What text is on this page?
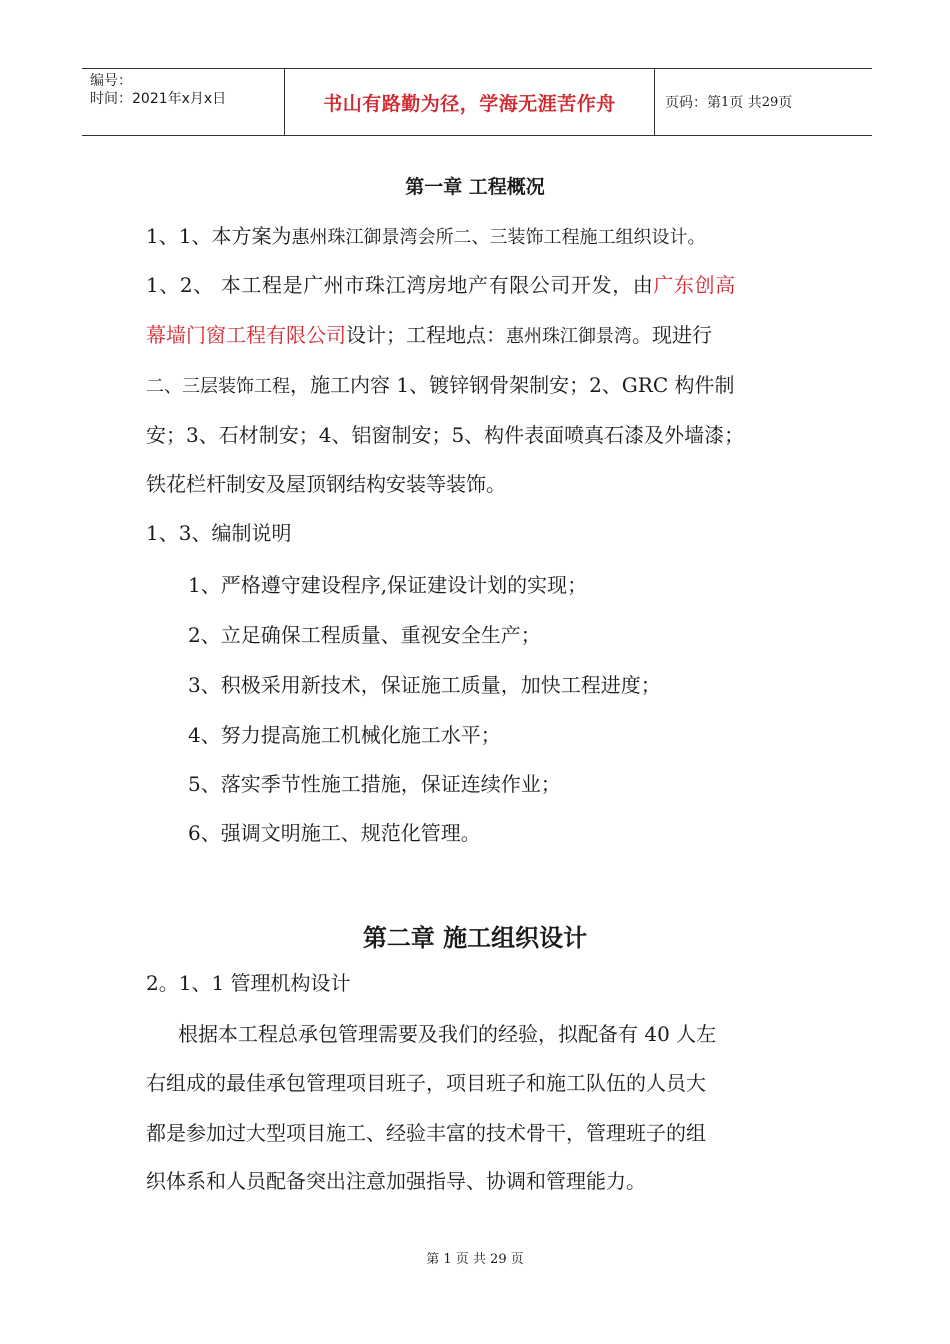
编号：
时间：2021年x月x日	书山有路勤为径，学海无涯苦作舟	页码：第 1 页 共 29 页
第一章 工程概况
1、1、本方案为惠州珠江御景湾会所二、三装饰工程施工组织设计。
1、2、 本工程是广州市珠江湾房地产有限公司开发，由广东创高
幕墙门窗工程有限公司设计；工程地点：惠州珠江御景湾。现进行
二、三层装饰工程，施工内容 1、镀锌钢骨架制安；2、GRC 构件制
安；3、石材制安；4、铝窗制安；5、构件表面喷真石漆及外墙漆；
铁花栏杆制安及屋顶钢结构安装等装饰。
1、3、编制说明
1、严格遵守建设程序,保证建设计划的实现；
2、立足确保工程质量、重视安全生产；
3、积极采用新技术，保证施工质量，加快工程进度；
4、努力提高施工机械化施工水平；
5、落实季节性施工措施，保证连续作业；
6、强调文明施工、规范化管理。
第二章 施工组织设计
2。1、1 管理机构设计
根据本工程总承包管理需要及我们的经验，拟配备有 40 人左
右组成的最佳承包管理项目班子，项目班子和施工队伍的人员大
都是参加过大型项目施工、经验丰富的技术骨干，管理班子的组
织体系和人员配备突出注意加强指导、协调和管理能力。
第 1 页 共 29 页
